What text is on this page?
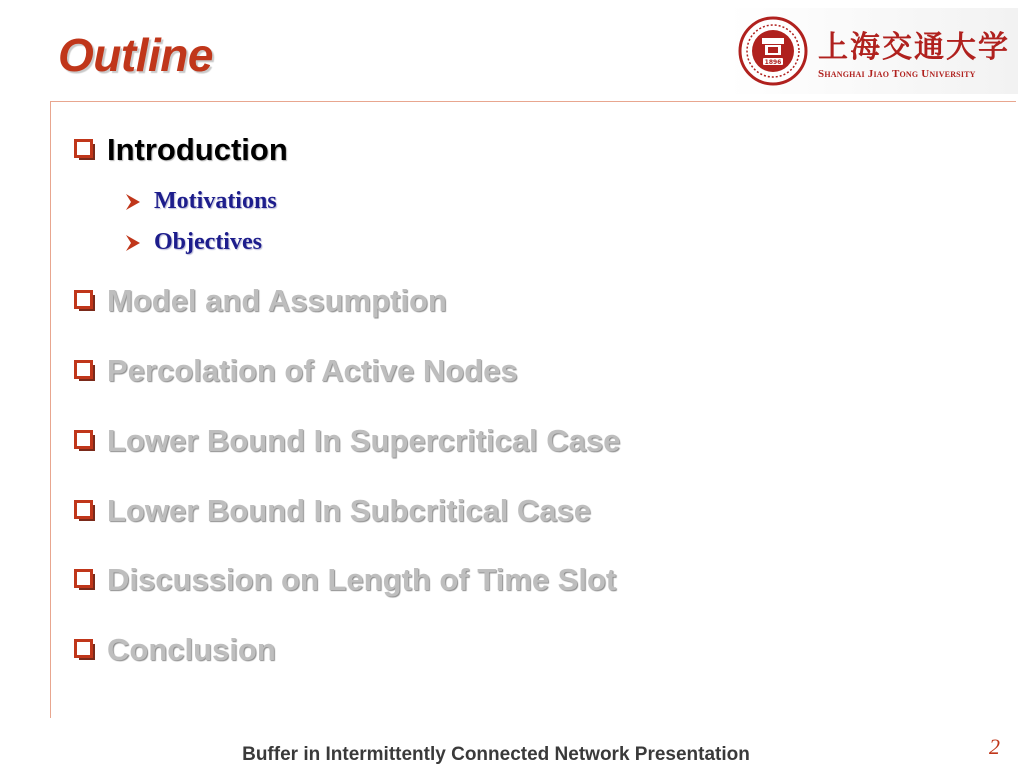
Outline	1896 上海交通大学
Shanghai Jiao Tong University
Introduction
Motivations
Objectives
Model and Assumption
Percolation of Active Nodes
Lower Bound In Supercritical Case
Lower Bound In Subcritical Case
Discussion on Length of Time Slot
Conclusion
Buffer in Intermittently Connected Network Presentation	2
